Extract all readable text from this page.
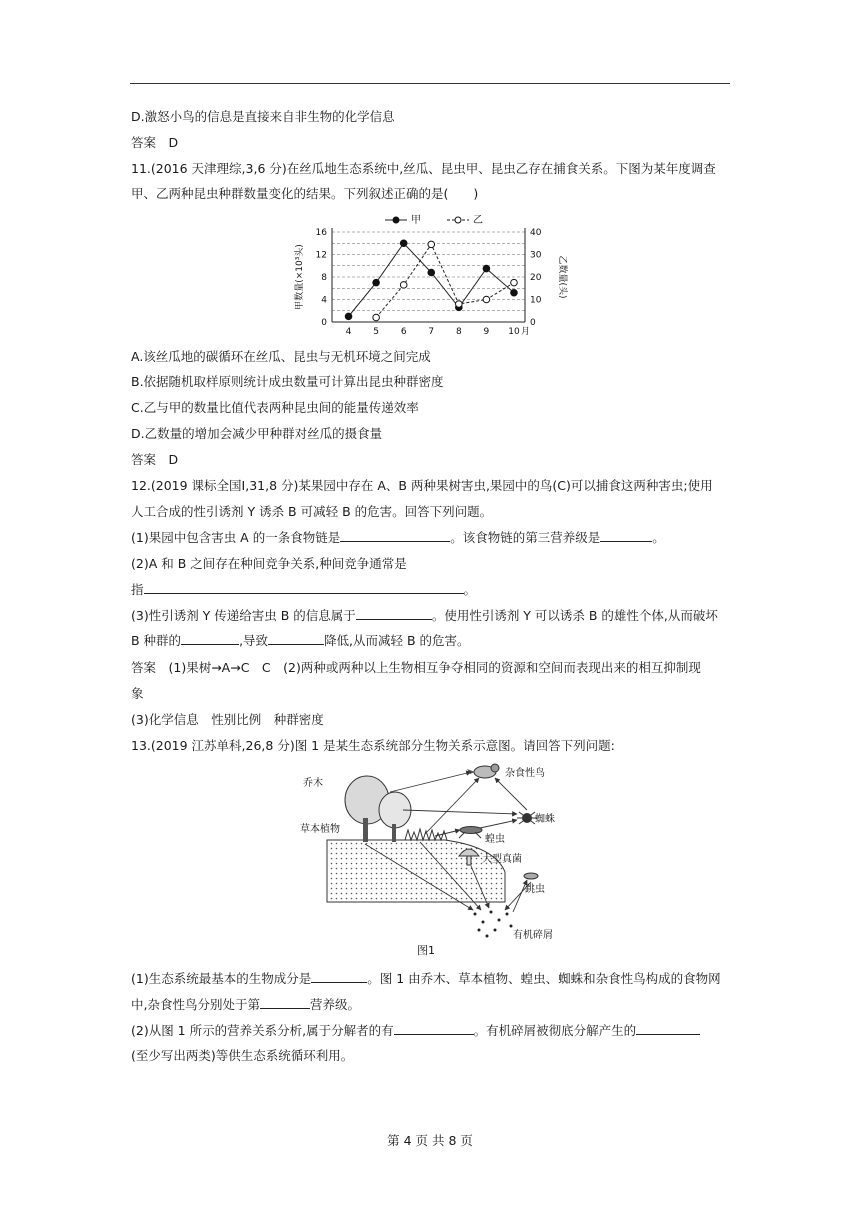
D.激怒小鸟的信息是直接来自非生物的化学信息
答案　D
11.(2016 天津理综,3,6 分)在丝瓜地生态系统中,丝瓜、昆虫甲、昆虫乙存在捕食关系。下图为某年度调查
甲、乙两种昆虫种群数量变化的结果。下列叙述正确的是(　　)
0
4
8
12
16
0
10
20
30
40
4 5 6 7 8 9 10 月
甲数量(×10³头)	乙数量(头)
甲	乙
A.该丝瓜地的碳循环在丝瓜、昆虫与无机环境之间完成
B.依据随机取样原则统计成虫数量可计算出昆虫种群密度
C.乙与甲的数量比值代表两种昆虫间的能量传递效率
D.乙数量的增加会减少甲种群对丝瓜的摄食量
答案　D
12.(2019 课标全国Ⅰ,31,8 分)某果园中存在 A、B 两种果树害虫,果园中的鸟(C)可以捕食这两种害虫;使用
人工合成的性引诱剂 Y 诱杀 B 可减轻 B 的危害。回答下列问题。
(1)果园中包含害虫 A 的一条食物链是	。该食物链的第三营养级是	。
(2)A 和 B 之间存在种间竞争关系,种间竞争通常是
指	。
(3)性引诱剂 Y 传递给害虫 B 的信息属于	。使用性引诱剂 Y 可以诱杀 B 的雄性个体,从而破坏
B 种群的	,导致	降低,从而减轻 B 的危害。
答案　(1)果树→A→C　C　(2)两种或两种以上生物相互争夺相同的资源和空间而表现出来的相互抑制现
象
(3)化学信息　性别比例　种群密度
13.(2019 江苏单科,26,8 分)图 1 是某生态系统部分生物关系示意图。请回答下列问题:
乔木
草本植物
杂食性鸟
蜘蛛
蝗虫
大型真菌
跳虫
有机碎屑
图1
(1)生态系统最基本的生物成分是	。图 1 由乔木、草本植物、蝗虫、蜘蛛和杂食性鸟构成的食物网
中,杂食性鸟分别处于第	营养级。
(2)从图 1 所示的营养关系分析,属于分解者的有	。有机碎屑被彻底分解产生的
(至少写出两类)等供生态系统循环利用。
第 4 页 共 8 页
